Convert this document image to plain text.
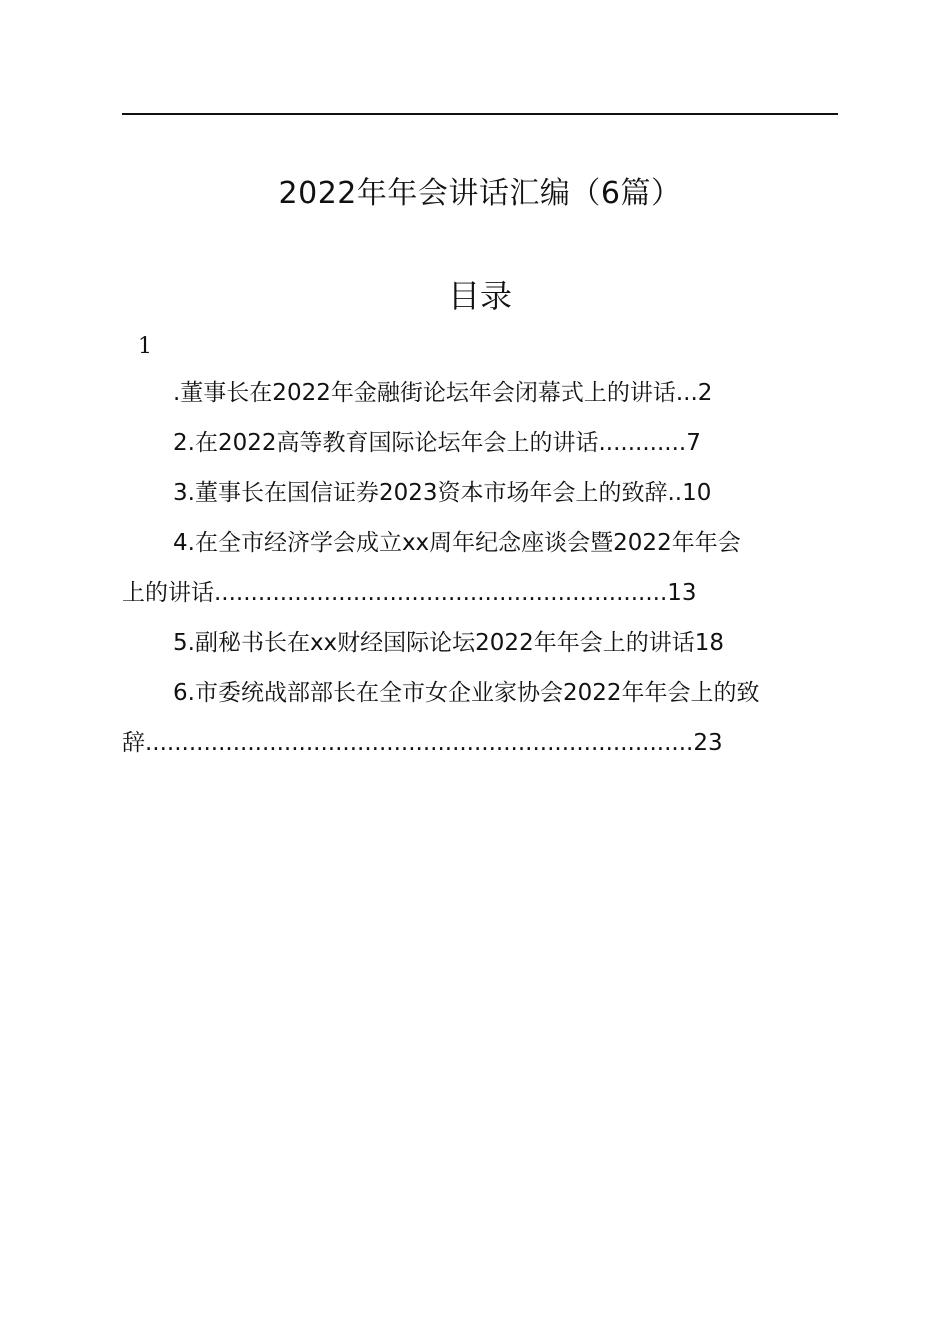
2022年年会讲话汇编（6篇）
目录
1
.董事长在2022年金融街论坛年会闭幕式上的讲话...2
2.在2022高等教育国际论坛年会上的讲话............7
3.董事长在国信证券2023资本市场年会上的致辞..10
4.在全市经济学会成立xx周年纪念座谈会暨2022年年会
上的讲话..............................................................13
5.副秘书长在xx财经国际论坛2022年年会上的讲话18
6.市委统战部部长在全市女企业家协会2022年年会上的致
辞...........................................................................23
